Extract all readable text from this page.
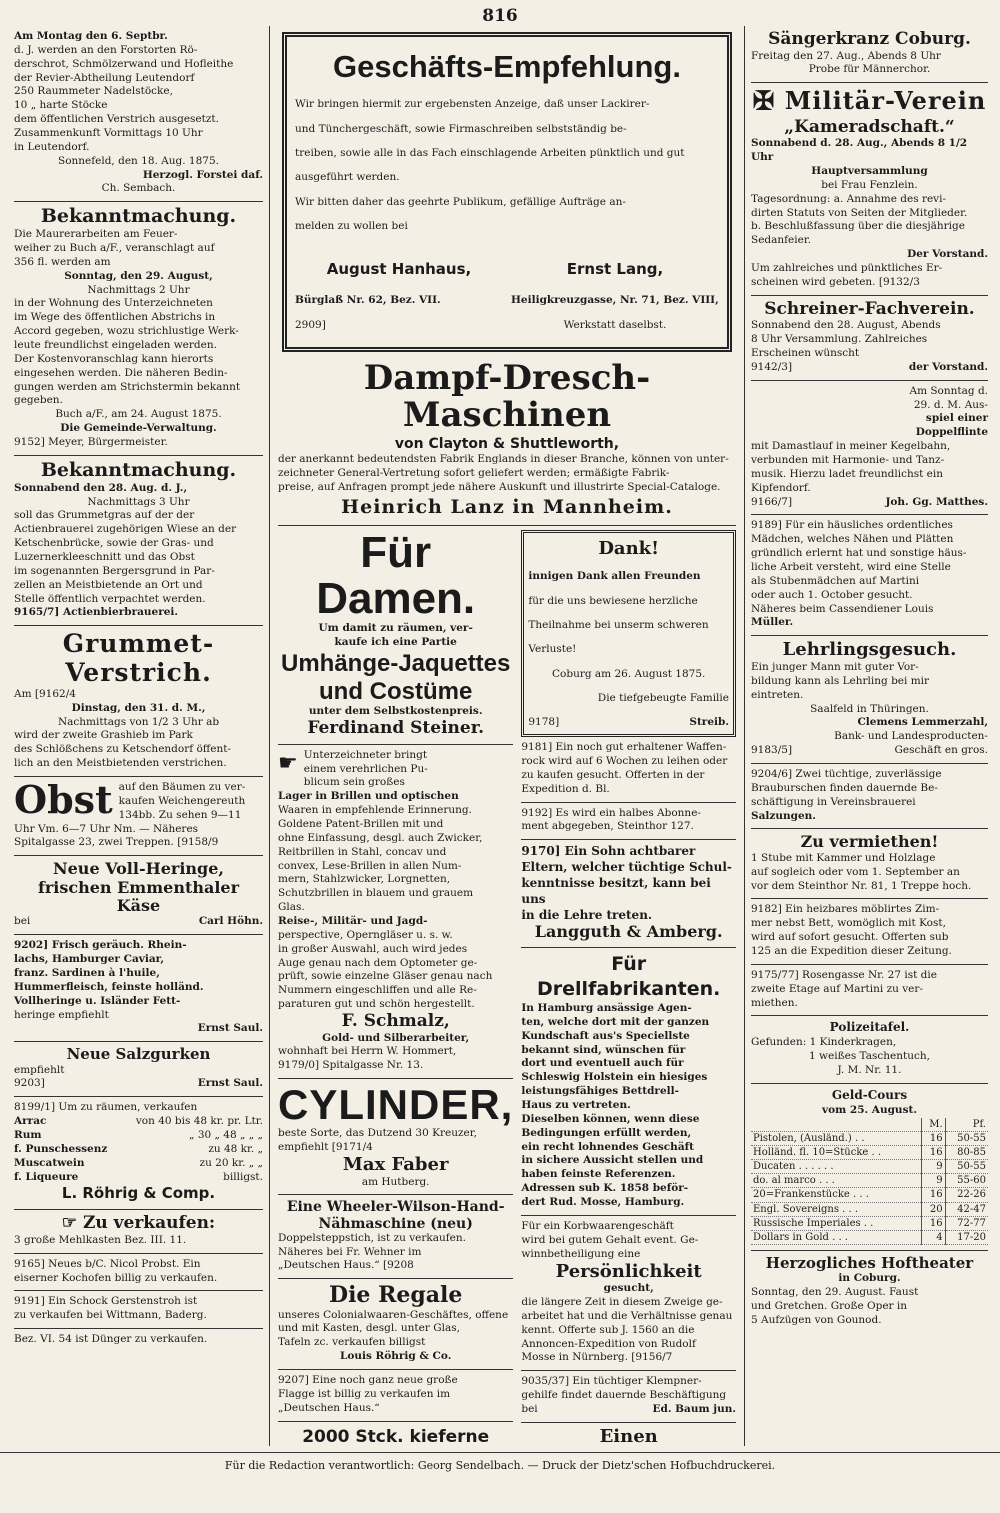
816

Am Montag den 6. Septbr.

d. J. werden an den Forstorten Rö-

derschrot, Schmölzerwand und Hofleithe

der Revier-Abtheilung Leutendorf

250 Raummeter Nadelstöcke,

10 „ harte Stöcke

dem öffentlichen Verstrich ausgesetzt.

Zusammenkunft Vormittags 10 Uhr

in Leutendorf.

Sonnefeld, den 18. Aug. 1875.

Herzogl. Forstei daf.

Ch. Sembach.

Bekanntmachung.

Die Maurerarbeiten am Feuer-

weiher zu Buch a/F., veranschlagt auf

356 fl. werden am

Sonntag, den 29. August,

Nachmittags 2 Uhr

in der Wohnung des Unterzeichneten

im Wege des öffentlichen Abstrichs in

Accord gegeben, wozu strichlustige Werk-

leute freundlichst eingeladen werden.

Der Kostenvoranschlag kann hierorts

eingesehen werden. Die näheren Bedin-

gungen werden am Strichstermin bekannt

gegeben.

Buch a/F., am 24. August 1875.

Die Gemeinde-Verwaltung.

9152] Meyer, Bürgermeister.

Bekanntmachung.

Sonnabend den 28. Aug. d. J.,

Nachmittags 3 Uhr

soll das Grummetgras auf der der

Actienbrauerei zugehörigen Wiese an der

Ketschenbrücke, sowie der Gras- und

Luzernerkleeschnitt und das Obst

im sogenannten Bergersgrund in Par-

zellen an Meistbietende an Ort und

Stelle öffentlich verpachtet werden.

9165/7] Actienbierbrauerei.

Grummet-Verstrich.

Am [9162/4

Dinstag, den 31. d. M.,

Nachmittags von 1/2 3 Uhr ab

wird der zweite Grashieb im Park

des Schlößchens zu Ketschendorf öffent-

lich an den Meistbietenden verstrichen.

Obst auf den Bäumen zu ver-

kaufen Weichengereuth

134bb. Zu sehen 9—11

Uhr Vm. 6—7 Uhr Nm. — Näheres

Spitalgasse 23, zwei Treppen. [9158/9

Neue Voll-Heringe,

frischen Emmenthaler Käse

bei	Carl Höhn.

9202] Frisch geräuch. Rhein-

lachs, Hamburger Caviar,

franz. Sardinen à l'huile,

Hummerfleisch, feinste holländ.

Vollheringe u. Isländer Fett-

heringe empfiehlt

Ernst Saul.

Neue Salzgurken

empfiehlt

9203]	Ernst Saul.

8199/1] Um zu räumen, verkaufen

Arrac	von 40 bis 48 kr. pr. Ltr.
Rum	„ 30 „ 48 „ „ „
f. Punschessenz	zu 48 kr. „
Muscatwein	zu 20 kr. „ „
f. Liqueure	billigst.

L. Röhrig & Comp.

☞ Zu verkaufen:

3 große Mehlkasten Bez. III. 11.

9165] Neues b/C. Nicol Probst. Ein

eiserner Kochofen billig zu verkaufen.

9191] Ein Schock Gerstenstroh ist

zu verkaufen bei Wittmann, Baderg.

Bez. VI. 54 ist Dünger zu verkaufen.

Geschäfts-Empfehlung.

Wir bringen hiermit zur ergebensten Anzeige, daß unser Lackirer-

und Tünchergeschäft, sowie Firmaschreiben selbstständig be-

treiben, sowie alle in das Fach einschlagende Arbeiten pünktlich und gut

ausgeführt werden.

Wir bitten daher das geehrte Publikum, gefällige Aufträge an-

melden zu wollen bei

August Hanhaus,

Bürglaß Nr. 62, Bez. VII.

2909]

Ernst Lang,

Heiligkreuzgasse, Nr. 71, Bez. VIII,

Werkstatt daselbst.

Dampf-Dresch-Maschinen

von Clayton & Shuttleworth,

der anerkannt bedeutendsten Fabrik Englands in dieser Branche, können von unter-

zeichneter General-Vertretung sofort geliefert werden; ermäßigte Fabrik-

preise, auf Anfragen prompt jede nähere Auskunft und illustrirte Special-Cataloge.

Heinrich Lanz in Mannheim.

Für Damen.

Um damit zu räumen, ver-

kaufe ich eine Partie

Umhänge-Jaquettes

und Costüme

unter dem Selbstkostenpreis.

Ferdinand Steiner.

☛ Unterzeichneter bringt

einem verehrlichen Pu-

blicum sein großes

Lager in Brillen und optischen

Waaren in empfehlende Erinnerung.

Goldene Patent-Brillen mit und

ohne Einfassung, desgl. auch Zwicker,

Reitbrillen in Stahl, concav und

convex, Lese-Brillen in allen Num-

mern, Stahlzwicker, Lorgnetten,

Schutzbrillen in blauem und grauem

Glas.

Reise-, Militär- und Jagd-

perspective, Operngläser u. s. w.

in großer Auswahl, auch wird jedes

Auge genau nach dem Optometer ge-

prüft, sowie einzelne Gläser genau nach

Nummern eingeschliffen und alle Re-

paraturen gut und schön hergestellt.

F. Schmalz,

Gold- und Silberarbeiter,

wohnhaft bei Herrn W. Hommert,

9179/0] Spitalgasse Nr. 13.

CYLINDER,

beste Sorte, das Dutzend 30 Kreuzer,

empfiehlt [9171/4

Max Faber

am Hutberg.

Eine Wheeler-Wilson-Hand-

Nähmaschine (neu)

Doppelsteppstich, ist zu verkaufen.

Näheres bei Fr. Wehner im

„Deutschen Haus.“ [9208

Die Regale

unseres Colonialwaaren-Geschäftes, offene

und mit Kasten, desgl. unter Glas,

Tafeln zc. verkaufen billigst

Louis Röhrig & Co.

9207] Eine noch ganz neue große

Flagge ist billig zu verkaufen im

„Deutschen Haus.“

2000 Stck. kieferne

Dank!

innigen Dank allen Freunden

für die uns bewiesene herzliche

Theilnahme bei unserm schweren

Verluste!

Coburg am 26. August 1875.

Die tiefgebeugte Familie

9178]	Streib.

9181] Ein noch gut erhaltener Waffen-

rock wird auf 6 Wochen zu leihen oder

zu kaufen gesucht. Offerten in der

Expedition d. Bl.

9192] Es wird ein halbes Abonne-

ment abgegeben, Steinthor 127.

9170] Ein Sohn achtbarer

Eltern, welcher tüchtige Schul-

kenntnisse besitzt, kann bei uns

in die Lehre treten.

Langguth & Amberg.

Für Drellfabrikanten.

In Hamburg ansässige Agen-

ten, welche dort mit der ganzen

Kundschaft aus's Speciellste

bekannt sind, wünschen für

dort und eventuell auch für

Schleswig Holstein ein hiesiges

leistungsfähiges Bettdrell-

Haus zu vertreten.

Dieselben können, wenn diese

Bedingungen erfüllt werden,

ein recht lohnendes Geschäft

in sichere Aussicht stellen und

haben feinste Referenzen.

Adressen sub K. 1858 beför-

dert Rud. Mosse, Hamburg.

Für ein Korbwaarengeschäft

wird bei gutem Gehalt event. Ge-

winnbetheiligung eine

Persönlichkeit

gesucht,

die längere Zeit in diesem Zweige ge-

arbeitet hat und die Verhältnisse genau

kennt. Offerte sub J. 1560 an die

Annoncen-Expedition von Rudolf

Mosse in Nürnberg. [9156/7

9035/37] Ein tüchtiger Klempner-

gehilfe findet dauernde Beschäftigung

bei	Ed. Baum jun.

Einen

Sängerkranz Coburg.

Freitag den 27. Aug., Abends 8 Uhr

Probe für Männerchor.

✠ Militär-Verein

„Kameradschaft.“

Sonnabend d. 28. Aug., Abends 8 1/2 Uhr

Hauptversammlung

bei Frau Fenzlein.

Tagesordnung: a. Annahme des revi-

dirten Statuts von Seiten der Mitglieder.

b. Beschlußfassung über die diesjährige

Sedanfeier.

Der Vorstand.

Um zahlreiches und pünktliches Er-

scheinen wird gebeten. [9132/3

Schreiner-Fachverein.

Sonnabend den 28. August, Abends

8 Uhr Versammlung. Zahlreiches

Erscheinen wünscht

9142/3]	der Vorstand.

Am Sonntag d.

29. d. M. Aus-

spiel einer

Doppelflinte

mit Damastlauf in meiner Kegelbahn,

verbunden mit Harmonie- und Tanz-

musik. Hierzu ladet freundlichst ein

Kipfendorf.

9166/7]	Joh. Gg. Matthes.

9189] Für ein häusliches ordentliches

Mädchen, welches Nähen und Plätten

gründlich erlernt hat und sonstige häus-

liche Arbeit versteht, wird eine Stelle

als Stubenmädchen auf Martini

oder auch 1. October gesucht.

Näheres beim Cassendiener Louis

Müller.

Lehrlingsgesuch.

Ein junger Mann mit guter Vor-

bildung kann als Lehrling bei mir

eintreten.

Saalfeld in Thüringen.

Clemens Lemmerzahl,

Bank- und Landesproducten-

9183/5]	Geschäft en gros.

9204/6] Zwei tüchtige, zuverlässige

Brauburschen finden dauernde Be-

schäftigung in Vereinsbrauerei

Salzungen.

Zu vermiethen!

1 Stube mit Kammer und Holzlage

auf sogleich oder vom 1. September an

vor dem Steinthor Nr. 81, 1 Treppe hoch.

9182] Ein heizbares möblirtes Zim-

mer nebst Bett, womöglich mit Kost,

wird auf sofort gesucht. Offerten sub

125 an die Expedition dieser Zeitung.

9175/77] Rosengasse Nr. 27 ist die

zweite Etage auf Martini zu ver-

miethen.

Polizeitafel.

Gefunden: 1 Kinderkragen,

1 weißes Taschentuch,

J. M. Nr. 11.

Geld-Cours

vom 25. August.

	M.	Pf.
Pistolen, (Ausländ.) . .	16	50-55
Holländ. fl. 10=Stücke . .	16	80-85
Ducaten . . . . . .	9	50-55
do. al marco . . .	9	55-60
20=Frankenstücke . . .	16	22-26
Engl. Sovereigns . . .	20	42-47
Russische Imperiales . .	16	72-77
Dollars in Gold . . .	4	17-20

Herzogliches Hoftheater

in Coburg.

Sonntag, den 29. August. Faust

und Gretchen. Große Oper in

5 Aufzügen von Gounod.

Für die Redaction verantwortlich: Georg Sendelbach. — Druck der Dietz'schen Hofbuchdruckerei.
